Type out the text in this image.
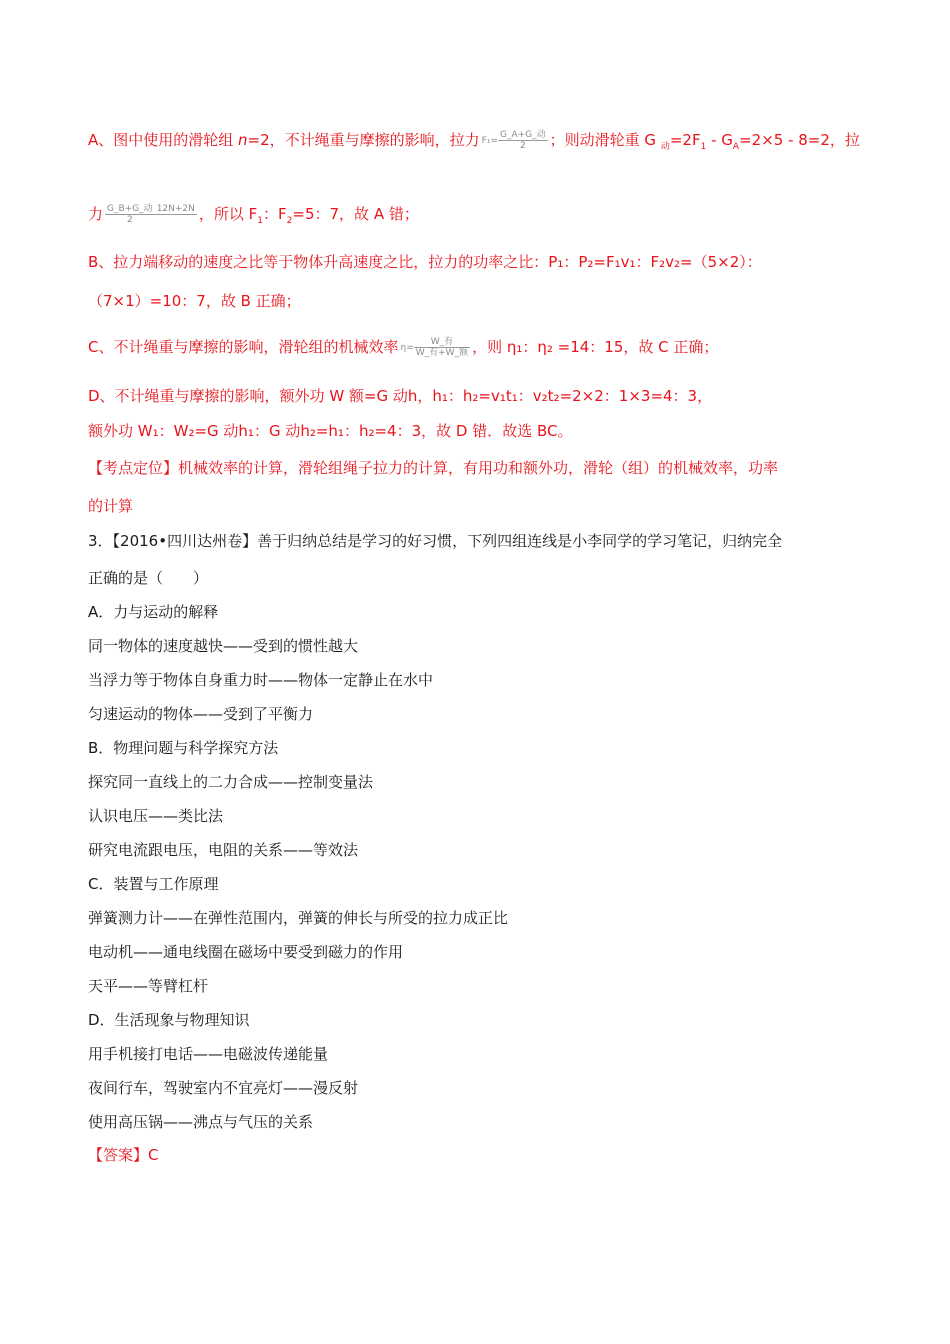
A、图中使用的滑轮组 n=2，不计绳重与摩擦的影响，拉力 $F_1= \frac{\text{G\_A+G\_动}}{2}$ ；则动滑轮重 G $_动=2F_1 - G_A=2\times 5 - 8=2$，拉
力 $\frac{\text{G\_B+G\_动}}{2} 12N+2N$ ，所以 $F_1$：$F_2=5$：7，故 A 错；
B、拉力端移动的速度之比等于物体升高速度之比，拉力的功率之比：P₁：P₂=F₁v₁：F₂v₂=（5×2）：
（7×1）=10：7，故 B 正确；
C、不计绳重与摩擦的影响，滑轮组的机械效率 $\eta= \frac{\text{W\_有}}{\text{W\_有+W\_额}}$ ，则 η₁：η₂ =14：15，故 C 正确；
D、不计绳重与摩擦的影响，额外功 W 额=G 动h，h₁：h₂=v₁t₁：v₂t₂=2×2：1×3=4：3，
额外功 W₁：W₂=G 动h₁：G 动h₂=h₁：h₂=4：3，故 D 错．故选 BC。
【考点定位】机械效率的计算，滑轮组绳子拉力的计算，有用功和额外功，滑轮（组）的机械效率，功率
的计算
3．【2016•四川达州卷】善于归纳总结是学习的好习惯，下列四组连线是小李同学的学习笔记，归纳完全
正确的是（　　）
A．力与运动的解释
同一物体的速度越快——受到的惯性越大
当浮力等于物体自身重力时——物体一定静止在水中
匀速运动的物体——受到了平衡力
B．物理问题与科学探究方法
探究同一直线上的二力合成——控制变量法
认识电压——类比法
研究电流跟电压，电阻的关系——等效法
C．装置与工作原理
弹簧测力计——在弹性范围内，弹簧的伸长与所受的拉力成正比
电动机——通电线圈在磁场中要受到磁力的作用
天平——等臂杠杆
D．生活现象与物理知识
用手机接打电话——电磁波传递能量
夜间行车，驾驶室内不宜亮灯——漫反射
使用高压锅——沸点与气压的关系
【答案】C
